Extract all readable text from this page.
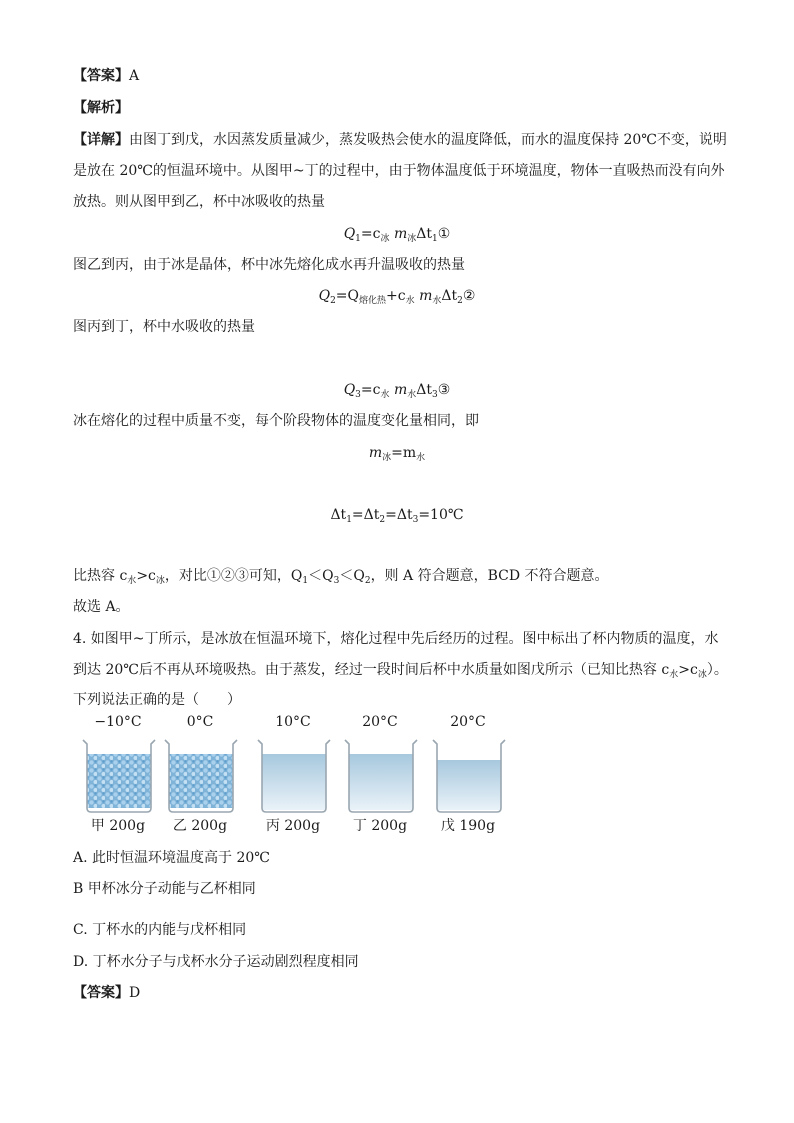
【答案】A
【解析】
【详解】由图丁到戊，水因蒸发质量减少，蒸发吸热会使水的温度降低，而水的温度保持 20℃不变，说明
是放在 20℃的恒温环境中。从图甲~丁的过程中，由于物体温度低于环境温度，物体一直吸热而没有向外
放热。则从图甲到乙，杯中冰吸收的热量
$Q_1=c_冰$ $m_冰\Delta t_1①$
图乙到丙，由于冰是晶体，杯中冰先熔化成水再升温吸收的热量
$Q_2=Q_{熔化热}+c_水$ $m_水\Delta t_2②$
图丙到丁，杯中水吸收的热量
$Q_3=c_水$ $m_水\Delta t_3③$
冰在熔化的过程中质量不变，每个阶段物体的温度变化量相同，即
$m_冰=m_水$
$\Delta t_1=\Delta t_2=\Delta t_3=10℃$
比热容 $c_水>c_冰$，对比①②③可知，$Q_1<Q_3<Q_2$，则 A 符合题意，BCD 不符合题意。
故选 A。
4. 如图甲~丁所示，是冰放在恒温环境下，熔化过程中先后经历的过程。图中标出了杯内物质的温度，水
到达 20℃后不再从环境吸热。由于蒸发，经过一段时间后杯中水质量如图戊所示（已知比热容 $c_水>c_冰$）。
下列说法正确的是（　　）
−10°C
甲 200g
0°C
乙 200g
10°C
丙 200g
20°C
丁 200g
20°C
戊 190g
A. 此时恒温环境温度高于 20℃
B 甲杯冰分子动能与乙杯相同
C. 丁杯水的内能与戊杯相同
D. 丁杯水分子与戊杯水分子运动剧烈程度相同
【答案】D
